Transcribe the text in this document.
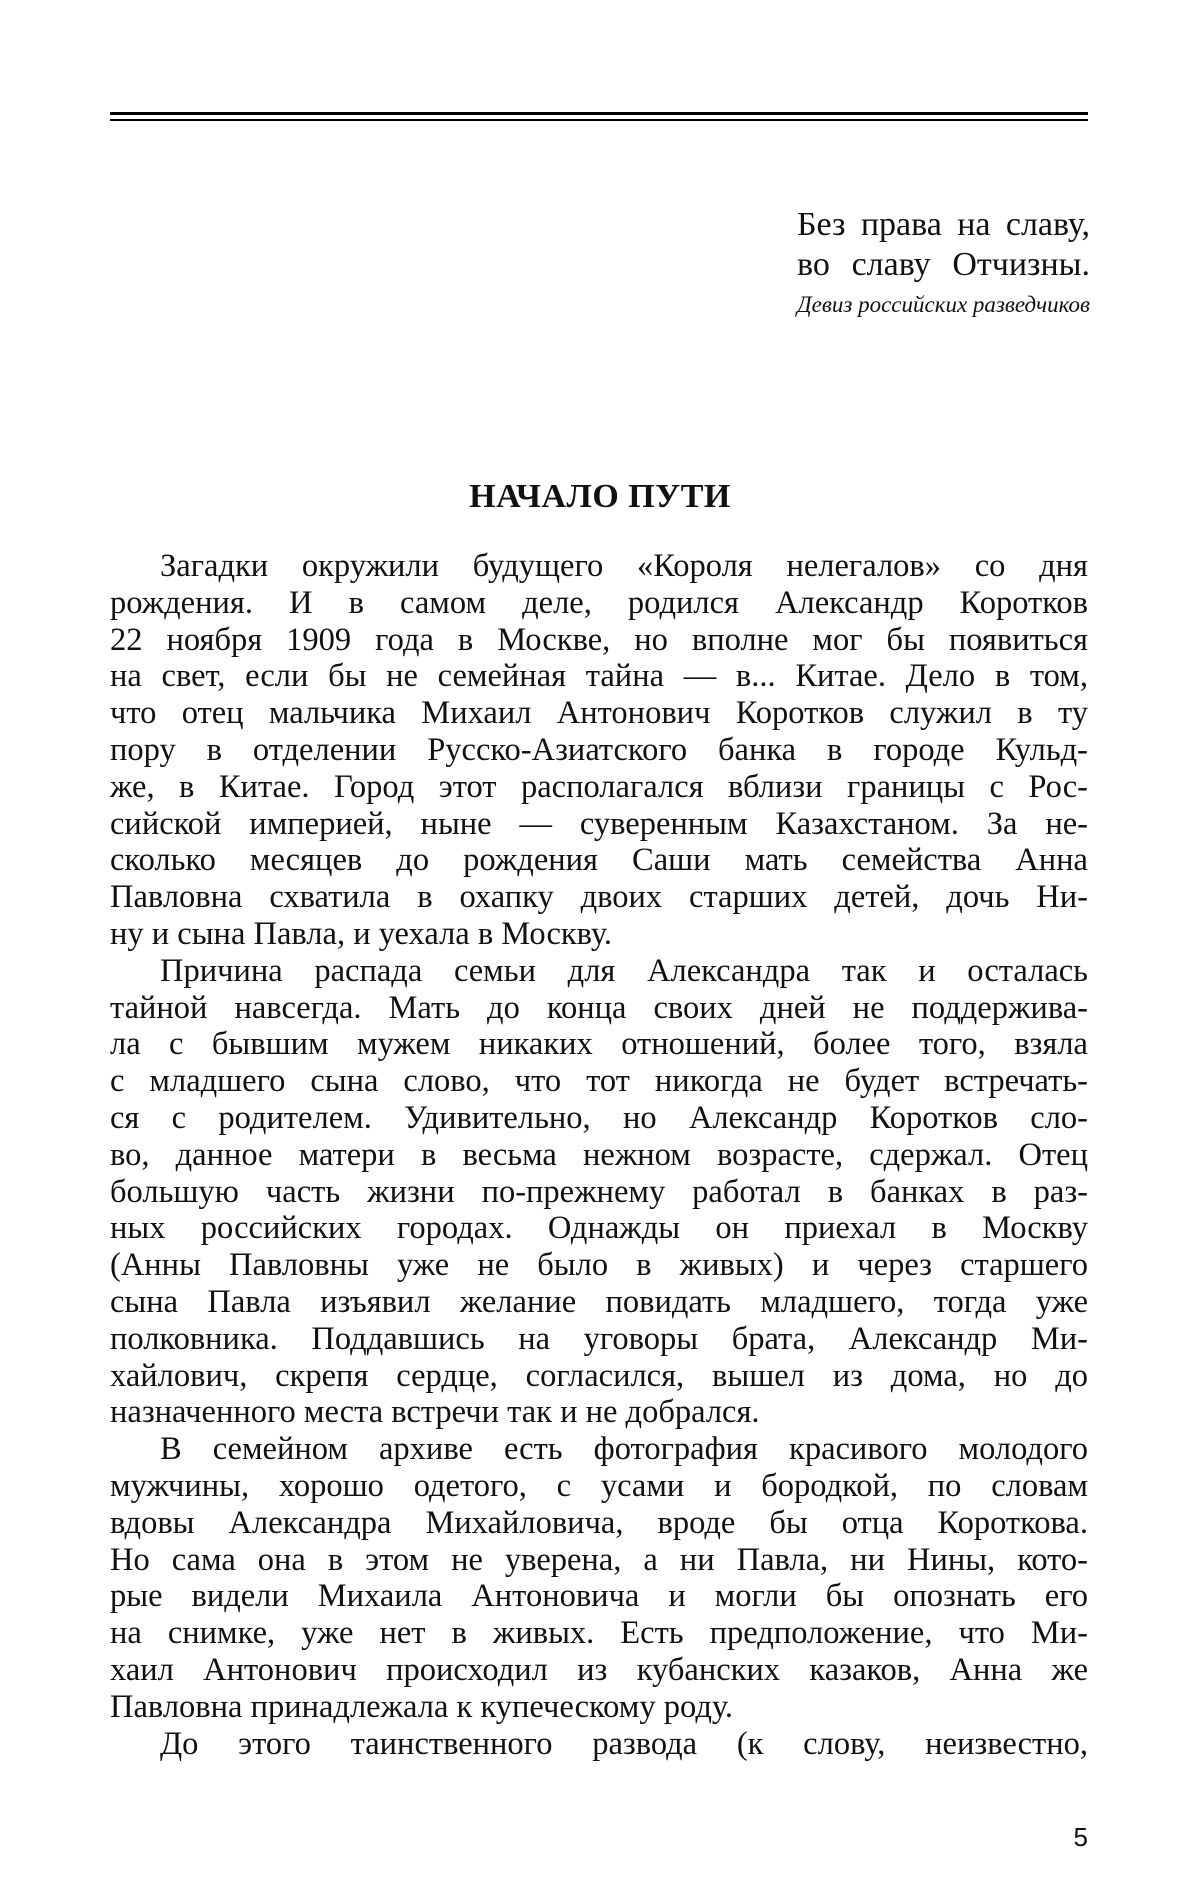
Без права на славу,
во славу Отчизны.
Девиз российских разведчиков
НАЧАЛО ПУТИ
Загадки окружили будущего «Короля нелегалов» со дня
рождения. И в самом деле, родился Александр Коротков
22 ноября 1909 года в Москве, но вполне мог бы появиться
на свет, если бы не семейная тайна — в... Китае. Дело в том,
что отец мальчика Михаил Антонович Коротков служил в ту
пору в отделении Русско-Азиатского банка в городе Кульд-
же, в Китае. Город этот располагался вблизи границы с Рос-
сийской империей, ныне — суверенным Казахстаном. За не-
сколько месяцев до рождения Саши мать семейства Анна
Павловна схватила в охапку двоих старших детей, дочь Ни-
ну и сына Павла, и уехала в Москву.
Причина распада семьи для Александра так и осталась
тайной навсегда. Мать до конца своих дней не поддержива-
ла с бывшим мужем никаких отношений, более того, взяла
с младшего сына слово, что тот никогда не будет встречать-
ся с родителем. Удивительно, но Александр Коротков сло-
во, данное матери в весьма нежном возрасте, сдержал. Отец
большую часть жизни по-прежнему работал в банках в раз-
ных российских городах. Однажды он приехал в Москву
(Анны Павловны уже не было в живых) и через старшего
сына Павла изъявил желание повидать младшего, тогда уже
полковника. Поддавшись на уговоры брата, Александр Ми-
хайлович, скрепя сердце, согласился, вышел из дома, но до
назначенного места встречи так и не добрался.
В семейном архиве есть фотография красивого молодого
мужчины, хорошо одетого, с усами и бородкой, по словам
вдовы Александра Михайловича, вроде бы отца Короткова.
Но сама она в этом не уверена, а ни Павла, ни Нины, кото-
рые видели Михаила Антоновича и могли бы опознать его
на снимке, уже нет в живых. Есть предположение, что Ми-
хаил Антонович происходил из кубанских казаков, Анна же
Павловна принадлежала к купеческому роду.
До этого таинственного развода (к слову, неизвестно,
5
